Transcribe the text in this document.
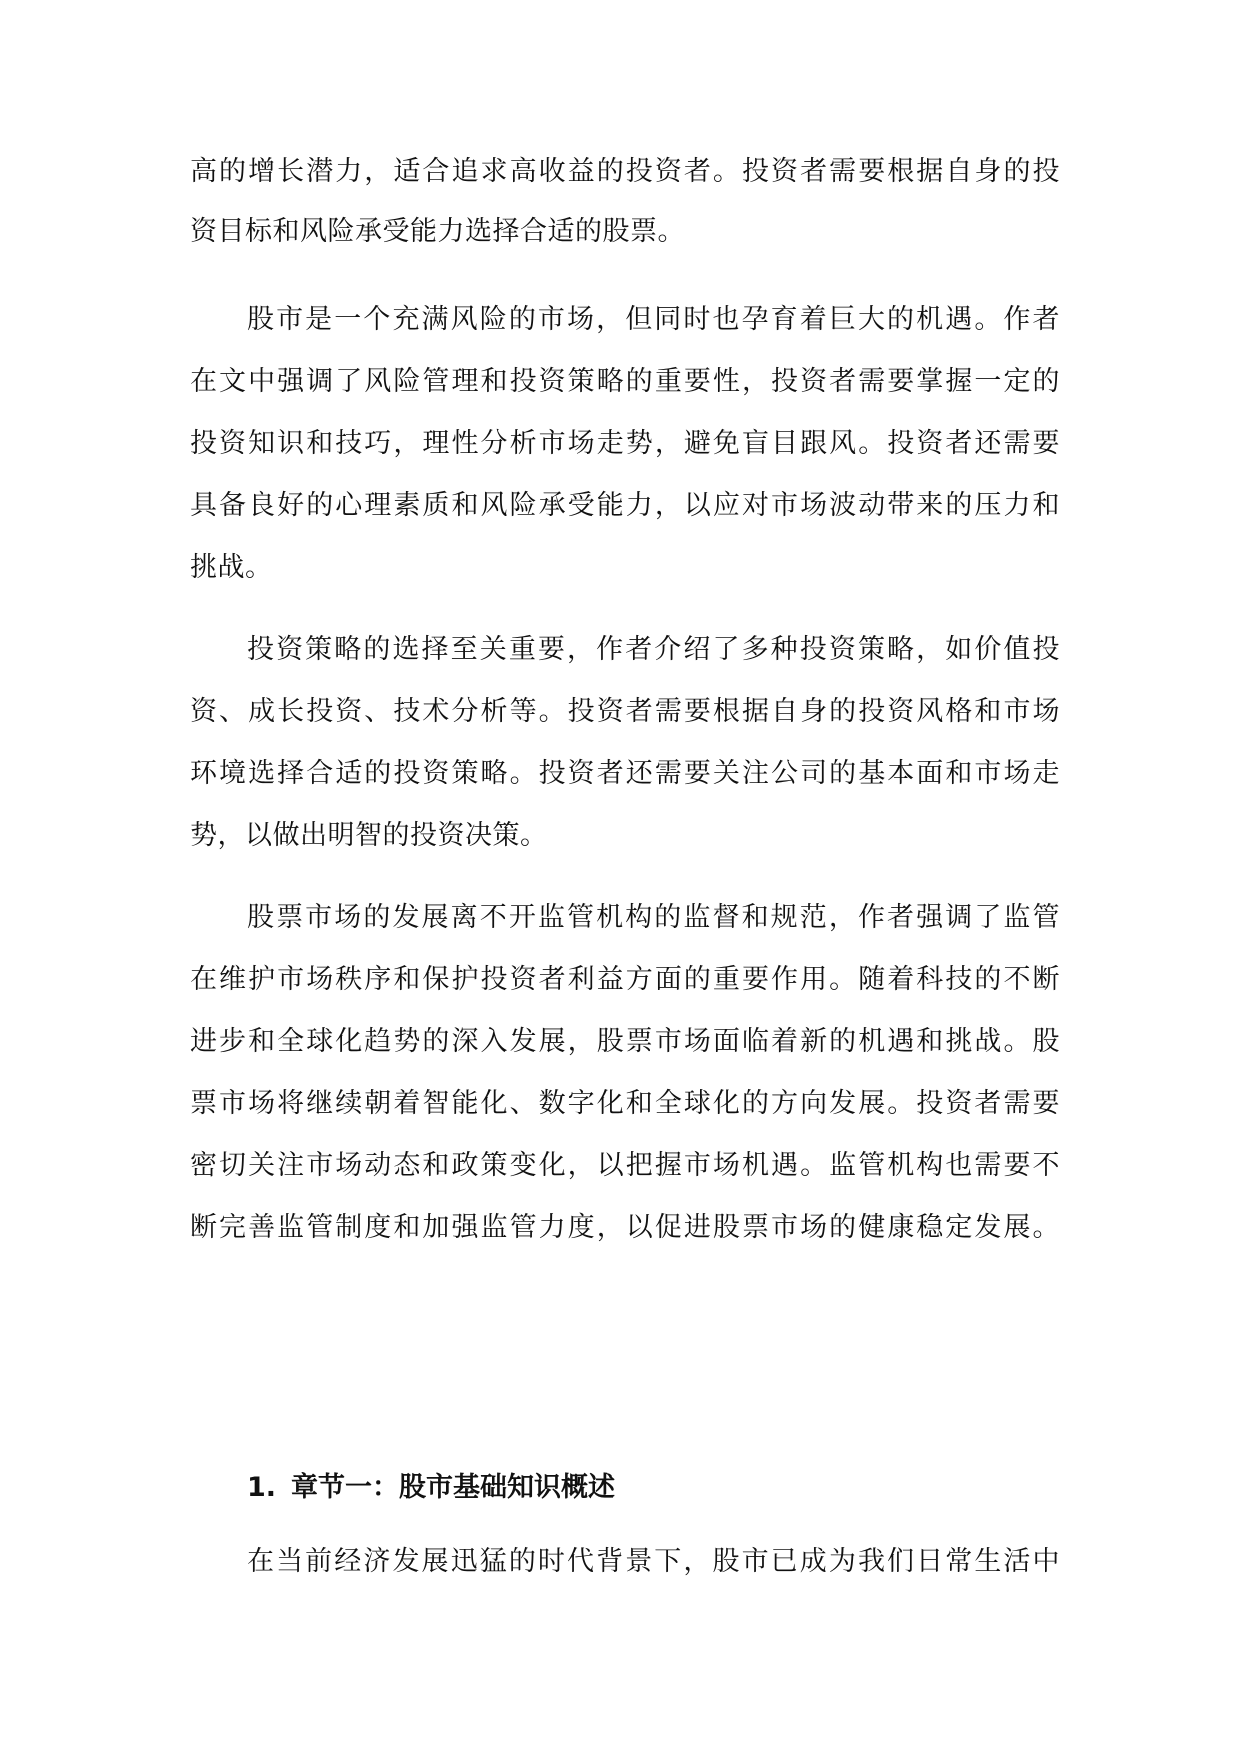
高的增长潜力，适合追求高收益的投资者。投资者需要根据自身的投
资目标和风险承受能力选择合适的股票。
股市是一个充满风险的市场，但同时也孕育着巨大的机遇。作者
在文中强调了风险管理和投资策略的重要性，投资者需要掌握一定的
投资知识和技巧，理性分析市场走势，避免盲目跟风。投资者还需要
具备良好的心理素质和风险承受能力，以应对市场波动带来的压力和
挑战。
投资策略的选择至关重要，作者介绍了多种投资策略，如价值投
资、成长投资、技术分析等。投资者需要根据自身的投资风格和市场
环境选择合适的投资策略。投资者还需要关注公司的基本面和市场走
势，以做出明智的投资决策。
股票市场的发展离不开监管机构的监督和规范，作者强调了监管
在维护市场秩序和保护投资者利益方面的重要作用。随着科技的不断
进步和全球化趋势的深入发展，股票市场面临着新的机遇和挑战。股
票市场将继续朝着智能化、数字化和全球化的方向发展。投资者需要
密切关注市场动态和政策变化，以把握市场机遇。监管机构也需要不
断完善监管制度和加强监管力度，以促进股票市场的健康稳定发展。
1. 章节一：股市基础知识概述
在当前经济发展迅猛的时代背景下，股市已成为我们日常生活中
